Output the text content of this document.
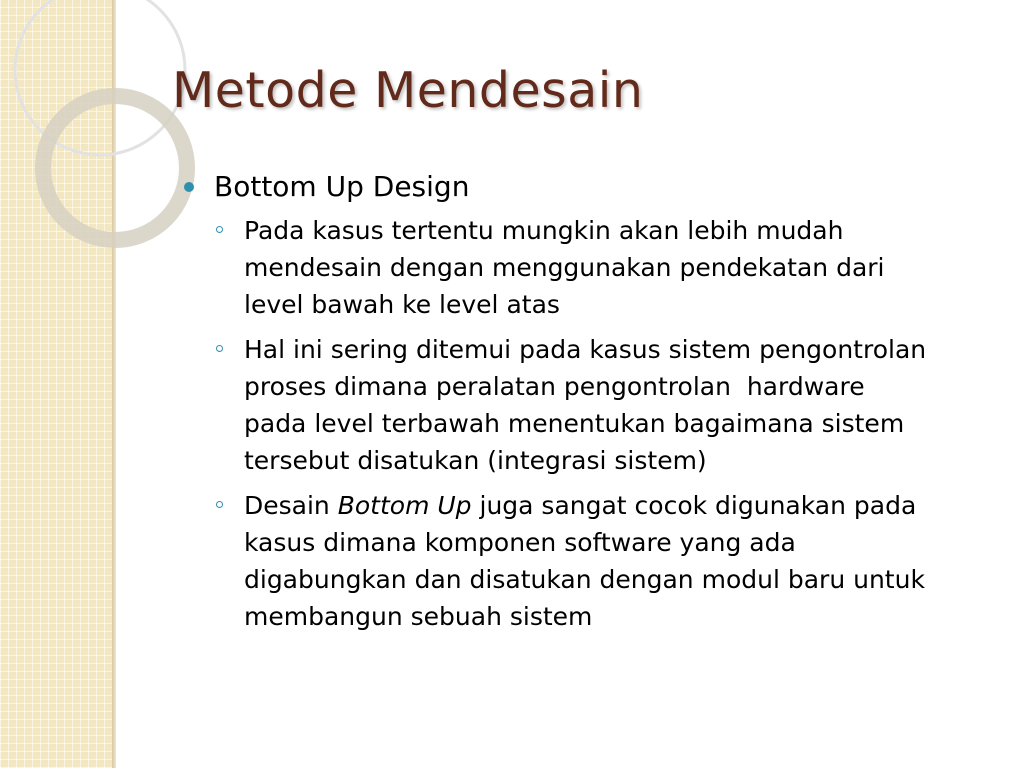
Metode Mendesain
Bottom Up Design
Pada kasus tertentu mungkin akan lebih mudah
mendesain dengan menggunakan pendekatan dari
level bawah ke level atas
Hal ini sering ditemui pada kasus sistem pengontrolan
proses dimana peralatan pengontrolan  hardware
pada level terbawah menentukan bagaimana sistem
tersebut disatukan (integrasi sistem)
Desain Bottom Up juga sangat cocok digunakan pada
kasus dimana komponen software yang ada
digabungkan dan disatukan dengan modul baru untuk
membangun sebuah sistem
